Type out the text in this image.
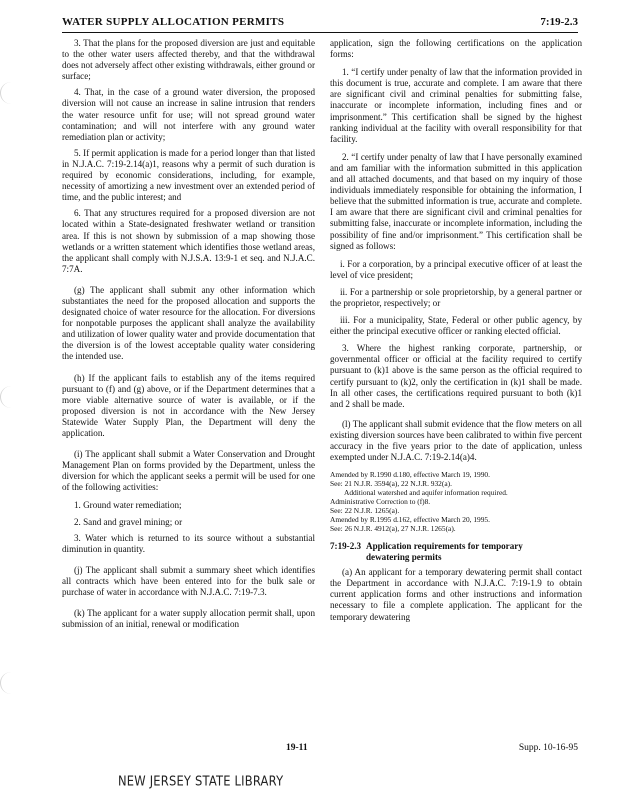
WATER SUPPLY ALLOCATION PERMITS	7:19-2.3

3. That the plans for the proposed diversion are just and equitable to the other water users affected thereby, and that the withdrawal does not adversely affect other existing withdrawals, either ground or surface;

4. That, in the case of a ground water diversion, the proposed diversion will not cause an increase in saline intrusion that renders the water resource unfit for use; will not spread ground water contamination; and will not interfere with any ground water remediation plan or activity;

5. If permit application is made for a period longer than that listed in N.J.A.C. 7:19-2.14(a)1, reasons why a permit of such duration is required by economic considerations, including, for example, necessity of amortizing a new investment over an extended period of time, and the public interest; and

6. That any structures required for a proposed diversion are not located within a State-designated freshwater wetland or transition area. If this is not shown by submission of a map showing those wetlands or a written statement which identifies those wetland areas, the applicant shall comply with N.J.S.A. 13:9-1 et seq. and N.J.A.C. 7:7A.

(g) The applicant shall submit any other information which substantiates the need for the proposed allocation and supports the designated choice of water resource for the allocation. For diversions for nonpotable purposes the applicant shall analyze the availability and utilization of lower quality water and provide documentation that the diversion is of the lowest acceptable quality water considering the intended use.

(h) If the applicant fails to establish any of the items required pursuant to (f) and (g) above, or if the Department determines that a more viable alternative source of water is available, or if the proposed diversion is not in accordance with the New Jersey Statewide Water Supply Plan, the Department will deny the application.

(i) The applicant shall submit a Water Conservation and Drought Management Plan on forms provided by the Department, unless the diversion for which the applicant seeks a permit will be used for one of the following activities:

1. Ground water remediation;

2. Sand and gravel mining; or

3. Water which is returned to its source without a substantial diminution in quantity.

(j) The applicant shall submit a summary sheet which identifies all contracts which have been entered into for the bulk sale or purchase of water in accordance with N.J.A.C. 7:19-7.3.

(k) The applicant for a water supply allocation permit shall, upon submission of an initial, renewal or modification

application, sign the following certifications on the application forms:

1. “I certify under penalty of law that the information provided in this document is true, accurate and complete. I am aware that there are significant civil and criminal penalties for submitting false, inaccurate or incomplete information, including fines and or imprisonment.” This certification shall be signed by the highest ranking individual at the facility with overall responsibility for that facility.

2. “I certify under penalty of law that I have personally examined and am familiar with the information submitted in this application and all attached documents, and that based on my inquiry of those individuals immediately responsible for obtaining the information, I believe that the submitted information is true, accurate and complete. I am aware that there are significant civil and criminal penalties for submitting false, inaccurate or incomplete information, including the possibility of fine and/or imprisonment.” This certification shall be signed as follows:

i. For a corporation, by a principal executive officer of at least the level of vice president;

ii. For a partnership or sole proprietorship, by a general partner or the proprietor, respectively; or

iii. For a municipality, State, Federal or other public agency, by either the principal executive officer or ranking elected official.

3. Where the highest ranking corporate, partnership, or governmental officer or official at the facility required to certify pursuant to (k)1 above is the same person as the official required to certify pursuant to (k)2, only the certification in (k)1 shall be made. In all other cases, the certifications required pursuant to both (k)1 and 2 shall be made.

(l) The applicant shall submit evidence that the flow meters on all existing diversion sources have been calibrated to within five percent accuracy in the five years prior to the date of application, unless exempted under N.J.A.C. 7:19-2.14(a)4.

Amended by R.1990 d.180, effective March 19, 1990.
See: 21 N.J.R. 3594(a), 22 N.J.R. 932(a).
Additional watershed and aquifer information required.
Administrative Correction to (f)8.
See: 22 N.J.R. 1265(a).
Amended by R.1995 d.162, effective March 20, 1995.
See: 26 N.J.R. 4912(a), 27 N.J.R. 1265(a).
7:19-2.3 Application requirements for temporary
dewatering permits

(a) An applicant for a temporary dewatering permit shall contact the Department in accordance with N.J.A.C. 7:19-1.9 to obtain current application forms and other instructions and information necessary to file a complete application. The applicant for the temporary dewatering

19-11	Supp. 10-16-95
NEW JERSEY STATE LIBRARY
